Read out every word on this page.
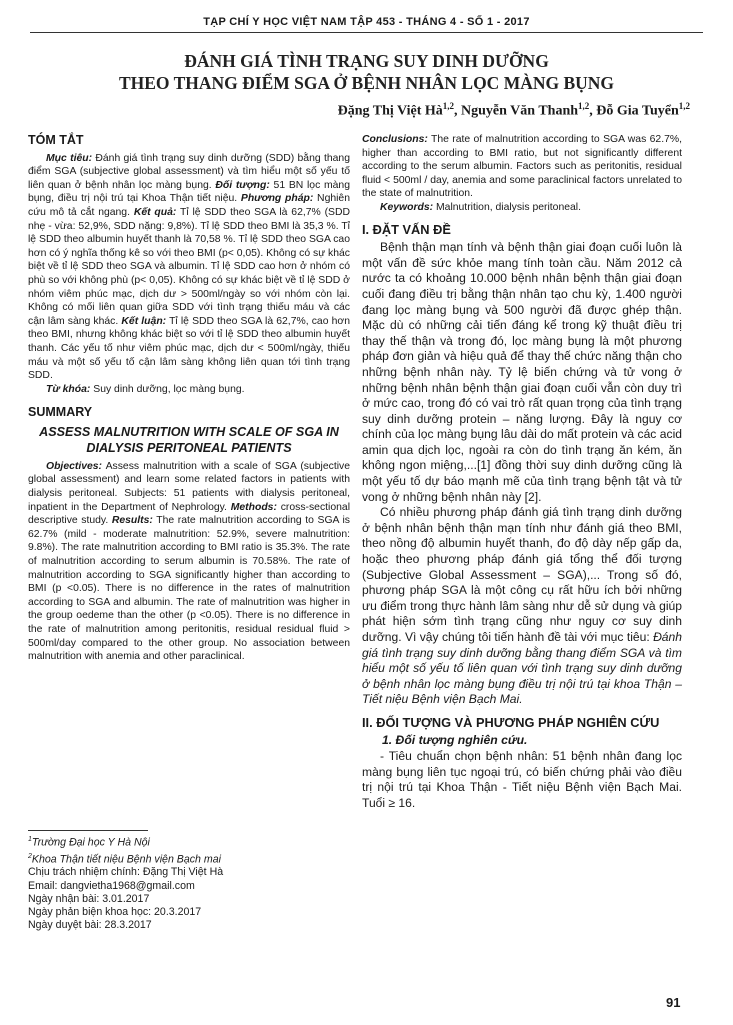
TẠP CHÍ Y HỌC VIỆT NAM TẬP 453 - THÁNG 4 - SỐ 1 - 2017
ĐÁNH GIÁ TÌNH TRẠNG SUY DINH DƯỠNG
THEO THANG ĐIỂM SGA Ở BỆNH NHÂN LỌC MÀNG BỤNG
Đặng Thị Việt Hà$^{1,2}$, Nguyễn Văn Thanh$^{1,2}$, Đỗ Gia Tuyển$^{1,2}$
TÓM TẮT

Mục tiêu: Đánh giá tình trạng suy dinh dưỡng (SDD) bằng thang điểm SGA (subjective global assessment) và tìm hiểu một số yếu tố liên quan ở bệnh nhân lọc màng bụng. Đối tượng: 51 BN lọc màng bụng, điều trị nội trú tại Khoa Thận tiết niệu. Phương pháp: Nghiên cứu mô tả cắt ngang. Kết quả: Tỉ lệ SDD theo SGA là 62,7% (SDD nhẹ - vừa: 52,9%, SDD nặng: 9,8%). Tỉ lệ SDD theo BMI là 35,3 %. Tỉ lệ SDD theo albumin huyết thanh là 70,58 %. Tỉ lệ SDD theo SGA cao hơn có ý nghĩa thống kê so với theo BMI (p< 0,05). Không có sự khác biệt về tỉ lệ SDD theo SGA và albumin. Tỉ lệ SDD cao hơn ở nhóm có phù so với không phù (p< 0,05). Không có sự khác biệt về tỉ lệ SDD ở nhóm viêm phúc mạc, dịch dư > 500ml/ngày so với nhóm còn lại. Không có mối liên quan giữa SDD với tình trạng thiếu máu và các cận lâm sàng khác. Kết luận: Tỉ lệ SDD theo SGA là 62,7%, cao hơn theo BMI, nhưng không khác biệt so với tỉ lệ SDD theo albumin huyết thanh. Các yếu tố như viêm phúc mạc, dịch dư < 500ml/ngày, thiếu máu và một số yếu tố cận lâm sàng không liên quan tới tình trạng SDD.

Từ khóa: Suy dinh dưỡng, lọc màng bụng.

SUMMARY
ASSESS MALNUTRITION WITH SCALE OF SGA IN DIALYSIS PERITONEAL PATIENTS

Objectives: Assess malnutrition with a scale of SGA (subjective global assessment) and learn some related factors in patients with dialysis peritoneal. Subjects: 51 patients with dialysis peritoneal, inpatient in the Department of Nephrology. Methods: cross-sectional descriptive study. Results: The rate malnutrition according to SGA is 62.7% (mild - moderate malnutrition: 52.9%, severe malnutrition: 9.8%). The rate malnutrition according to BMI ratio is 35.3%. The rate of malnutrition according to serum albumin is 70.58%. The rate of malnutrition according to SGA significantly higher than according to BMI (p <0.05). There is no difference in the rates of malnutrition according to SGA and albumin. The rate of malnutrition was higher in the group oedeme than the other (p <0.05). There is no difference in the rate of malnutrition among peritonitis, residual residual fluid > 500ml/day compared to the other group. No association between malnutrition with anemia and other paraclinical.

$^1$Trường Đại học Y Hà Nội

$^2$Khoa Thận tiết niệu Bệnh viện Bạch mai

Chịu trách nhiệm chính: Đặng Thị Việt Hà

Email: dangvietha1968@gmail.com

Ngày nhận bài: 3.01.2017

Ngày phản biện khoa học: 20.3.2017

Ngày duyệt bài: 28.3.2017

Conclusions: The rate of malnutrition according to SGA was 62.7%, higher than according to BMI ratio, but not significantly different according to the serum albumin. Factors such as peritonitis, residual fluid < 500ml / day, anemia and some paraclinical factors unrelated to the state of malnutrition.

Keywords: Malnutrition, dialysis peritoneal.

I. ĐẶT VẤN ĐỀ

Bệnh thận mạn tính và bệnh thận giai đoạn cuối luôn là một vấn đề sức khỏe mang tính toàn cầu. Năm 2012 cả nước ta có khoảng 10.000 bệnh nhân bệnh thận giai đoạn cuối đang điều trị bằng thận nhân tạo chu kỳ, 1.400 người đang lọc màng bụng và 500 người đã được ghép thận. Mặc dù có những cải tiến đáng kể trong kỹ thuật điều trị thay thế thận và trong đó, lọc màng bụng là một phương pháp đơn giản và hiệu quả để thay thế chức năng thận cho những bệnh nhân này. Tỷ lệ biến chứng và tử vong ở những bệnh nhân bệnh thận giai đoạn cuối vẫn còn duy trì ở mức cao, trong đó có vai trò rất quan trọng của tình trạng suy dinh dưỡng protein – năng lượng. Đây là nguy cơ chính của lọc màng bụng lâu dài do mất protein và các acid amin qua dịch lọc, ngoài ra còn do tình trạng ăn kém, ăn không ngon miệng,...[1] đồng thời suy dinh dưỡng cũng là một yếu tố dự báo mạnh mẽ của tình trạng bệnh tật và tử vong ở những bệnh nhân này [2].

Có nhiều phương pháp đánh giá tình trạng dinh dưỡng ở bệnh nhân bệnh thận mạn tính như đánh giá theo BMI, theo nồng độ albumin huyết thanh, đo độ dày nếp gấp da, hoặc theo phương pháp đánh giá tổng thể đối tượng (Subjective Global Assessment – SGA),... Trong số đó, phương pháp SGA là một công cụ rất hữu ích bởi những ưu điểm trong thực hành lâm sàng như dễ sử dụng và giúp phát hiện sớm tình trạng cũng như nguy cơ suy dinh dưỡng. Vì vậy chúng tôi tiến hành đề tài với mục tiêu: Đánh giá tình trạng suy dinh dưỡng bằng thang điểm SGA và tìm hiểu một số yếu tố liên quan với tình trạng suy dinh dưỡng ở bệnh nhân lọc màng bụng điều trị nội trú tại khoa Thận – Tiết niệu Bệnh viện Bạch Mai.

II. ĐỐI TƯỢNG VÀ PHƯƠNG PHÁP NGHIÊN CỨU
1. Đối tượng nghiên cứu.

- Tiêu chuẩn chọn bệnh nhân: 51 bệnh nhân đang lọc màng bụng liên tục ngoại trú, có biến chứng phải vào điều trị nội trú tại Khoa Thận - Tiết niệu Bệnh viện Bạch Mai. Tuổi ≥ 16.

91
